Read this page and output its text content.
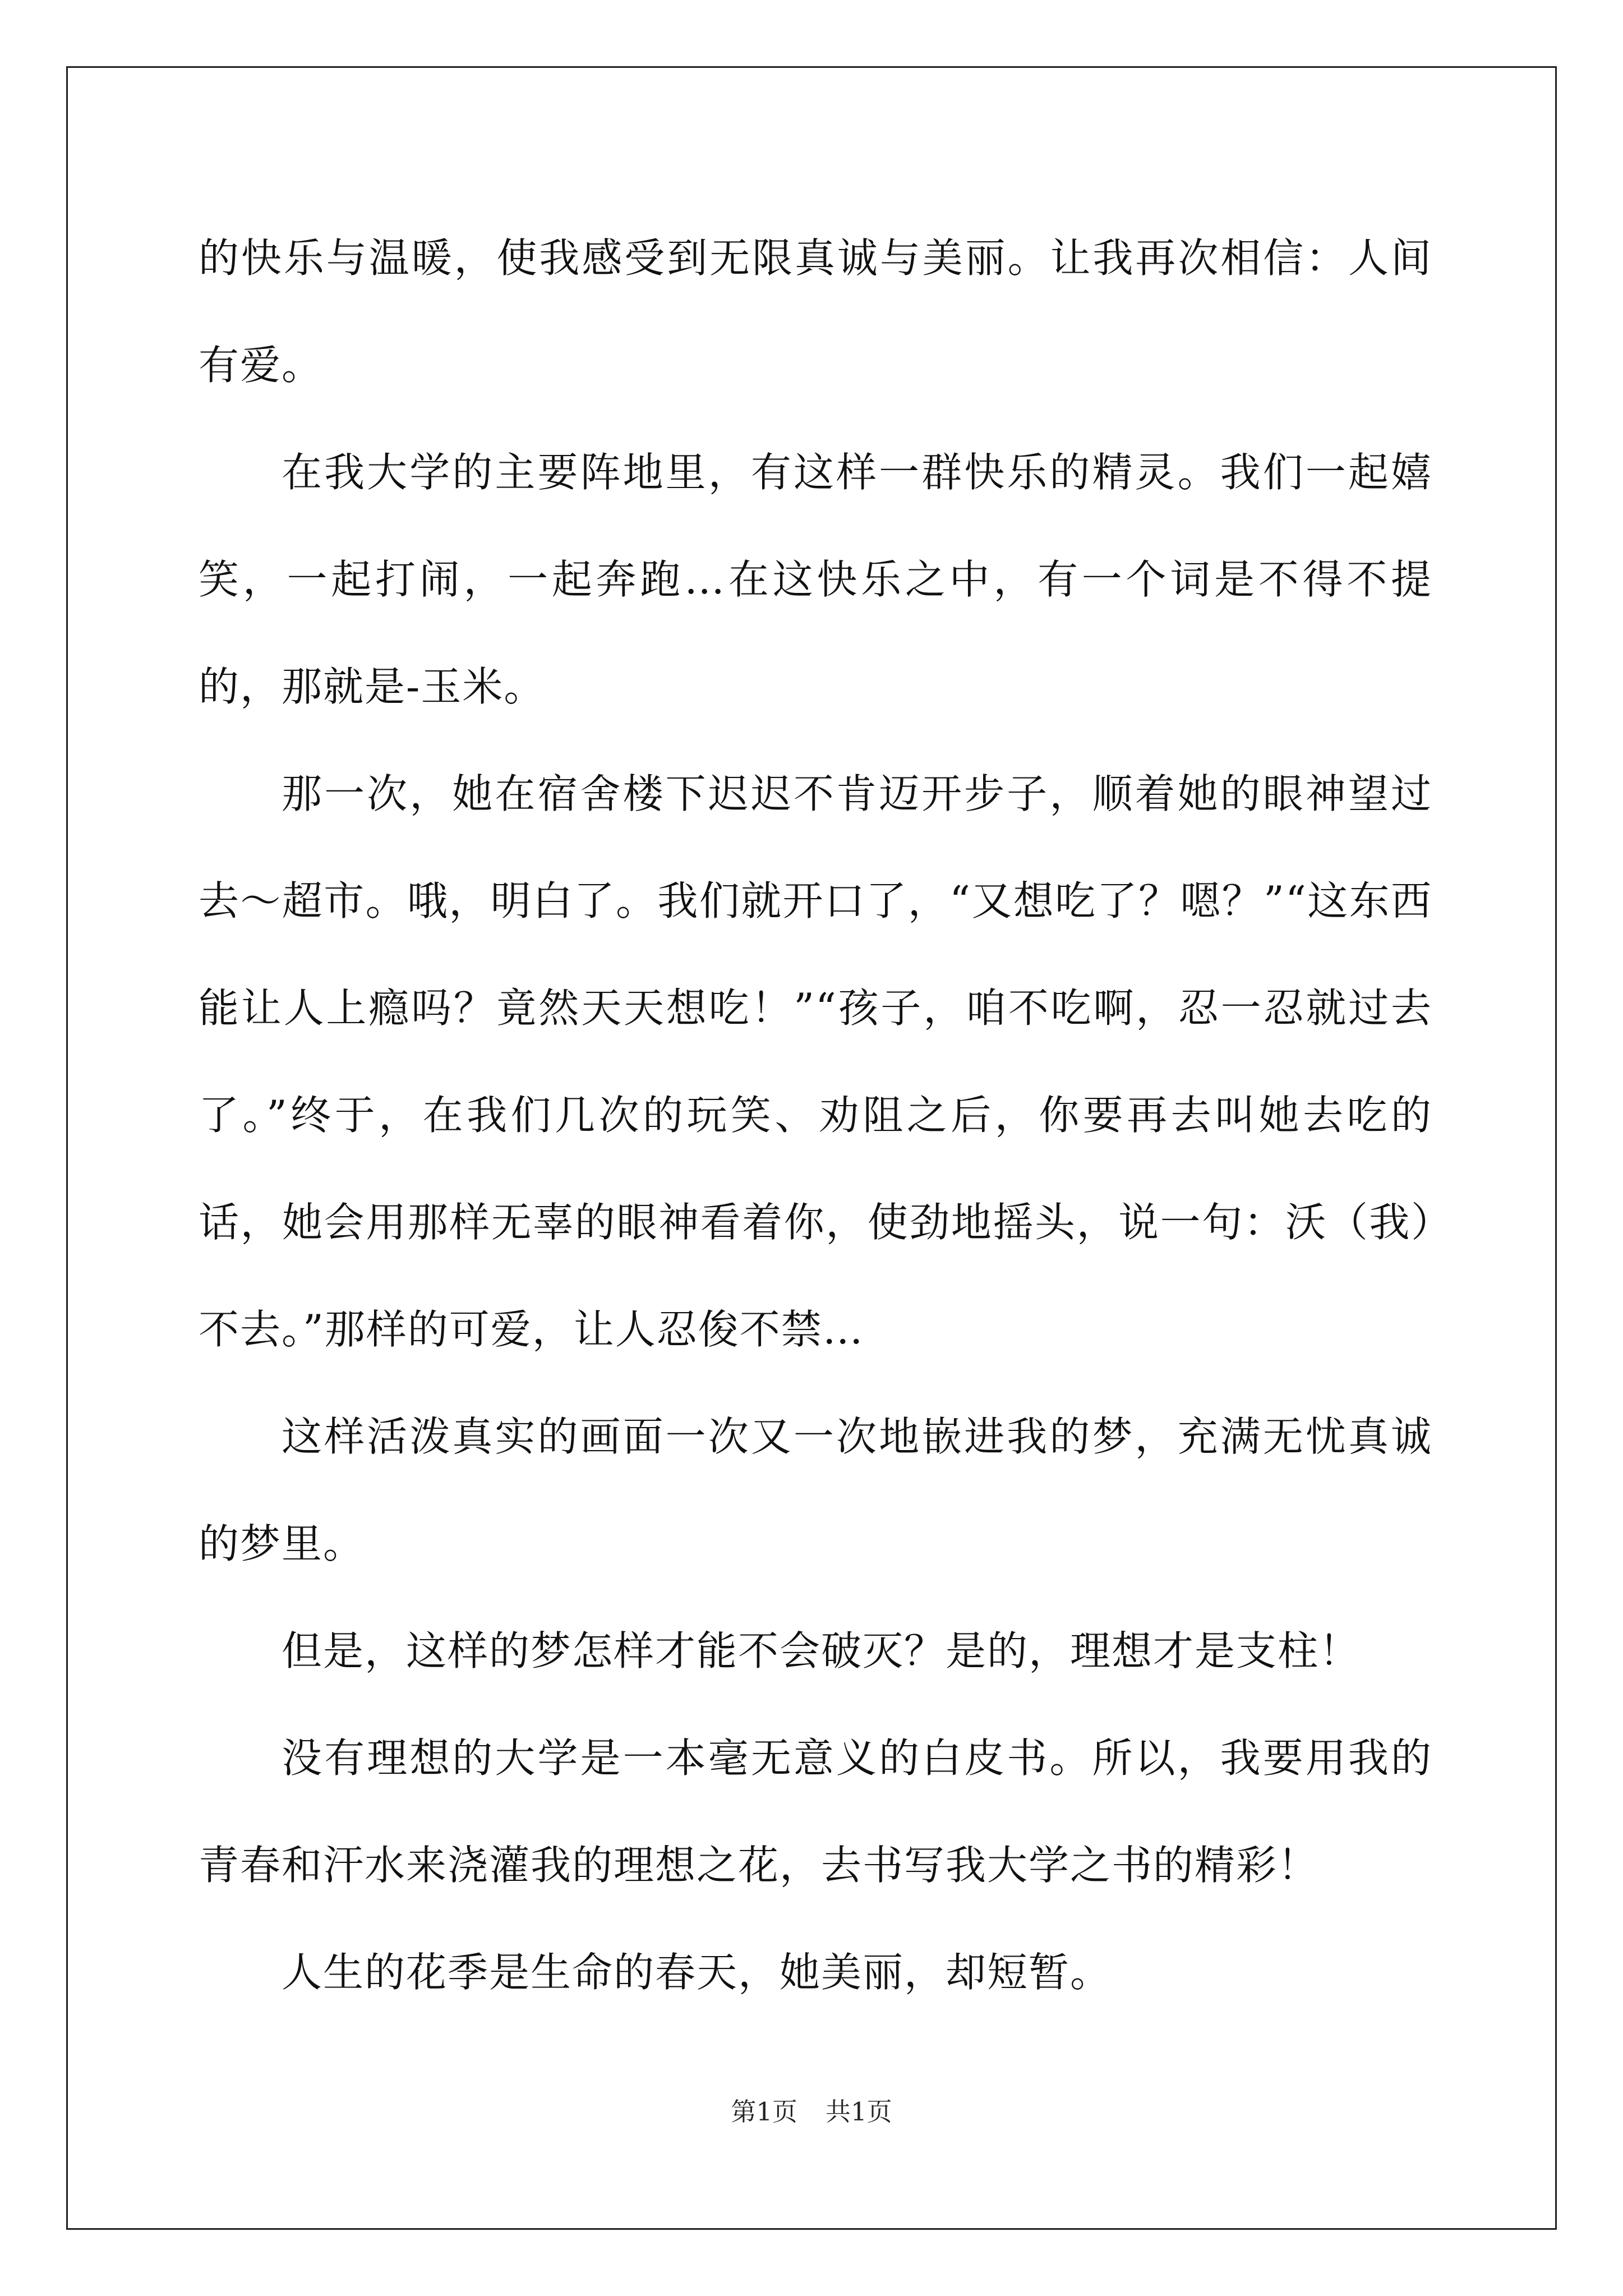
的快乐与温暖，使我感受到无限真诚与美丽。让我再次相信：人间有爱。

在我大学的主要阵地里，有这样一群快乐的精灵。我们一起嬉笑，一起打闹，一起奔跑…在这快乐之中，有一个词是不得不提的，那就是-玉米。

那一次，她在宿舍楼下迟迟不肯迈开步子，顺着她的眼神望过去～超市。哦，明白了。我们就开口了，“又想吃了？嗯？”“这东西能让人上瘾吗？竟然天天想吃！”“孩子，咱不吃啊，忍一忍就过去了。”终于，在我们几次的玩笑、劝阻之后，你要再去叫她去吃的话，她会用那样无辜的眼神看着你，使劲地摇头，说一句：沃（我）不去。”那样的可爱，让人忍俊不禁…

这样活泼真实的画面一次又一次地嵌进我的梦，充满无忧真诚的梦里。

但是，这样的梦怎样才能不会破灭？是的，理想才是支柱！

没有理想的大学是一本毫无意义的白皮书。所以，我要用我的青春和汗水来浇灌我的理想之花，去书写我大学之书的精彩！

人生的花季是生命的春天，她美丽，却短暂。

第1页 共1页
